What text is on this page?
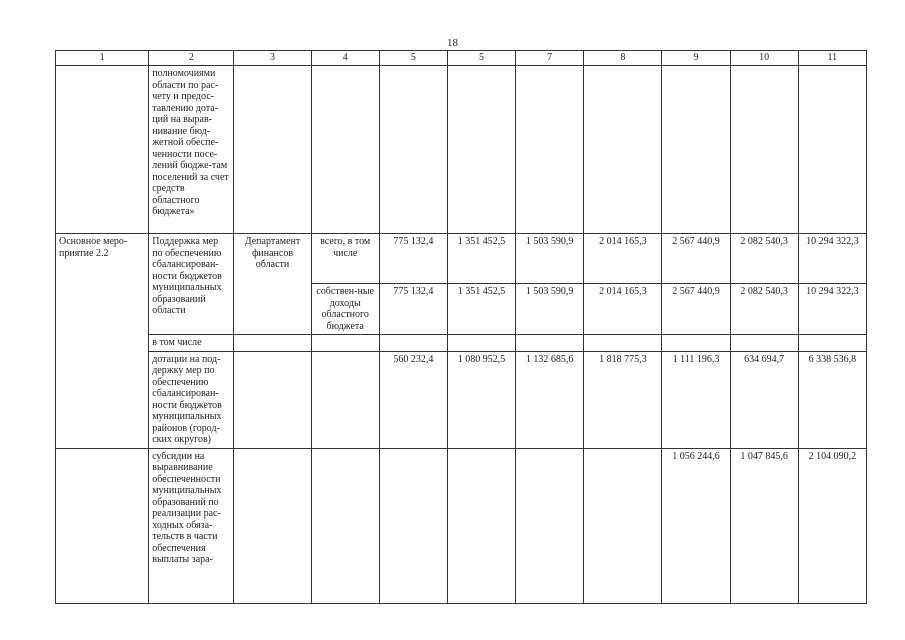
18
1	2	3	4	5	5	7	8	9	10	11

	полномочиями области по рас-чету и предос-тавлению дота-ций на вырав-нивание бюд-жетной обеспе-ченности посе-лений бюдже-там поселений за счет средств областного бюджета»									

Основное меро-приятие 2.2	Поддержка мер по обеспечению сбалансирован-ности бюджетов муниципальных образований области	Департамент финансов области	всего, в том числе	775 132,4	1 351 452,5	1 503 590,9	2 014 165,3	2 567 440,9	2 082 540,3	10 294 322,3
			собствен-ные доходы областного бюджета	775 132,4	1 351 452,5	1 503 590,9	2 014 165,3	2 567 440,9	2 082 540,3	10 294 322,3
	в том числе									
	дотации на под-держку мер по обеспечению сбалансирован-ности бюджетов муниципальных районов (город-ских округов)			560 232,4	1 080 952,5	1 132 685,6	1 818 775,3	1 111 196,3	634 694,7	6 338 536,8
	субсидии на выравнивание обеспеченности муниципальных образований по реализации рас-ходных обяза-тельств в части обеспечения выплаты зара-							1 056 244,6	1 047 845,6	2 104 090,2
